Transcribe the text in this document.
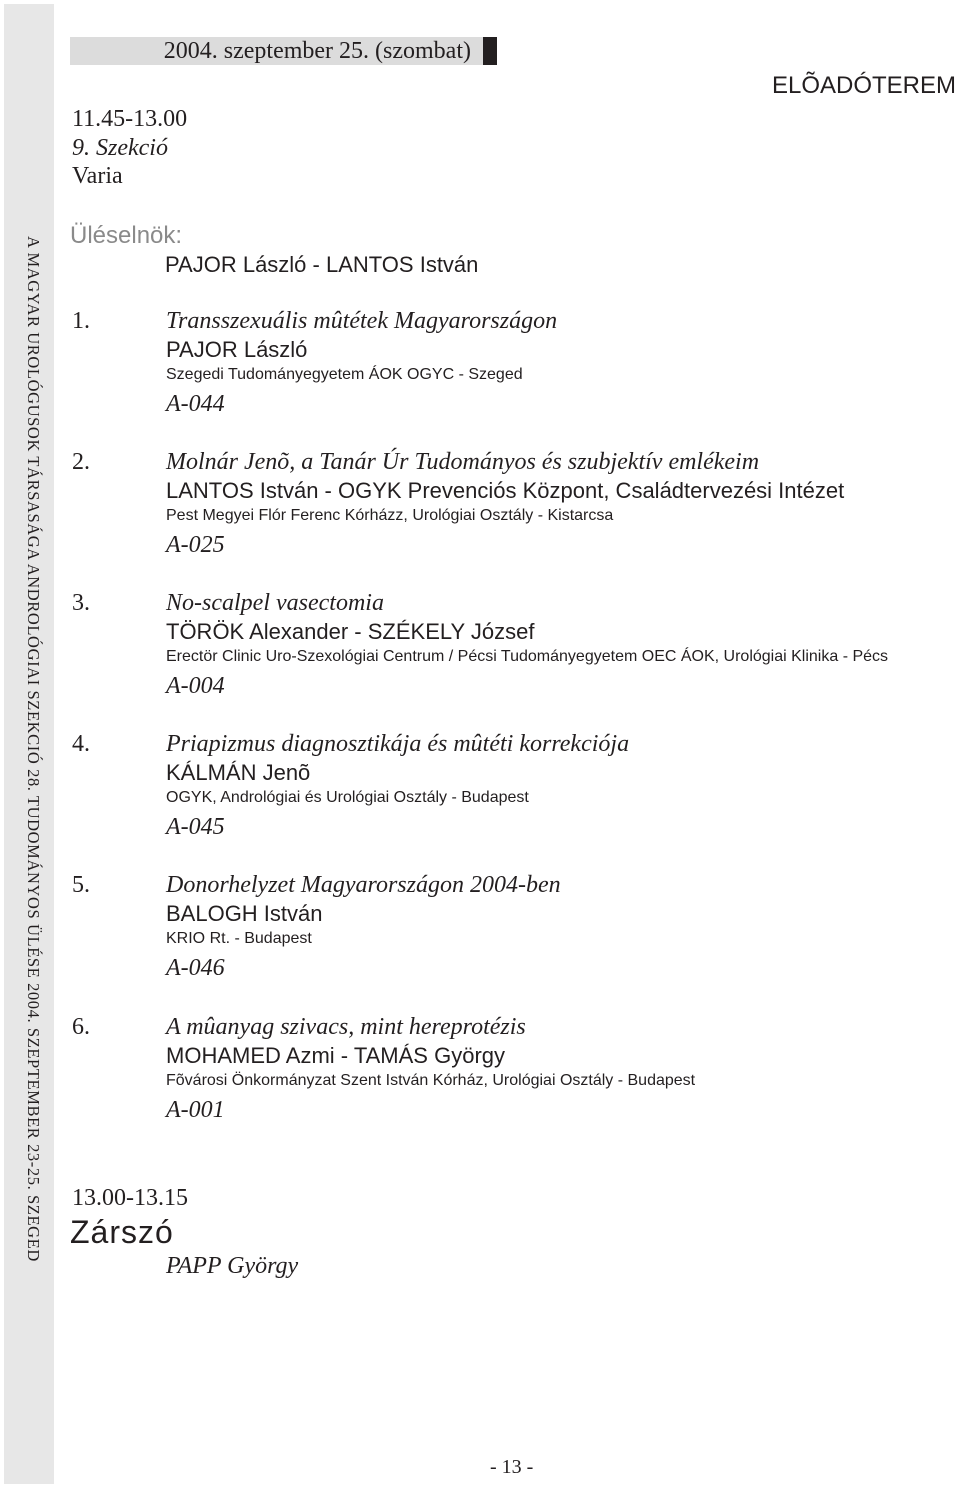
A MAGYAR UROLÓGUSOK TÁRSASÁGA ANDROLÓGIAI SZEKCIÓ 28. TUDOMÁNYOS ÜLÉSE 2004. SZEPTEMBER 23-25. SZEGED
2004. szeptember 25. (szombat)
ELÕADÓTEREM
11.45-13.00
9. Szekció
Varia
Üléselnök:
PAJOR László - LANTOS István
1.	Transszexuális mûtétek Magyarországon
PAJOR László
Szegedi Tudományegyetem ÁOK OGYC - Szeged
A-044
2.	Molnár Jenõ, a Tanár Úr Tudományos és szubjektív emlékeim
LANTOS István - OGYK Prevenciós Központ, Családtervezési Intézet
Pest Megyei Flór Ferenc Kórházz, Urológiai Osztály - Kistarcsa
A-025
3.	No-scalpel vasectomia
TÖRÖK Alexander - SZÉKELY József
Erectör Clinic Uro-Szexológiai Centrum / Pécsi Tudományegyetem OEC ÁOK, Urológiai Klinika - Pécs
A-004
4.	Priapizmus diagnosztikája és mûtéti korrekciója
KÁLMÁN Jenõ
OGYK, Andrológiai és Urológiai Osztály - Budapest
A-045
5.	Donorhelyzet Magyarországon 2004-ben
BALOGH István
KRIO Rt. - Budapest
A-046
6.	A mûanyag szivacs, mint hereprotézis
MOHAMED Azmi - TAMÁS György
Fõvárosi Önkormányzat Szent István Kórház, Urológiai Osztály - Budapest
A-001
13.00-13.15
Zárszó
PAPP György
- 13 -
